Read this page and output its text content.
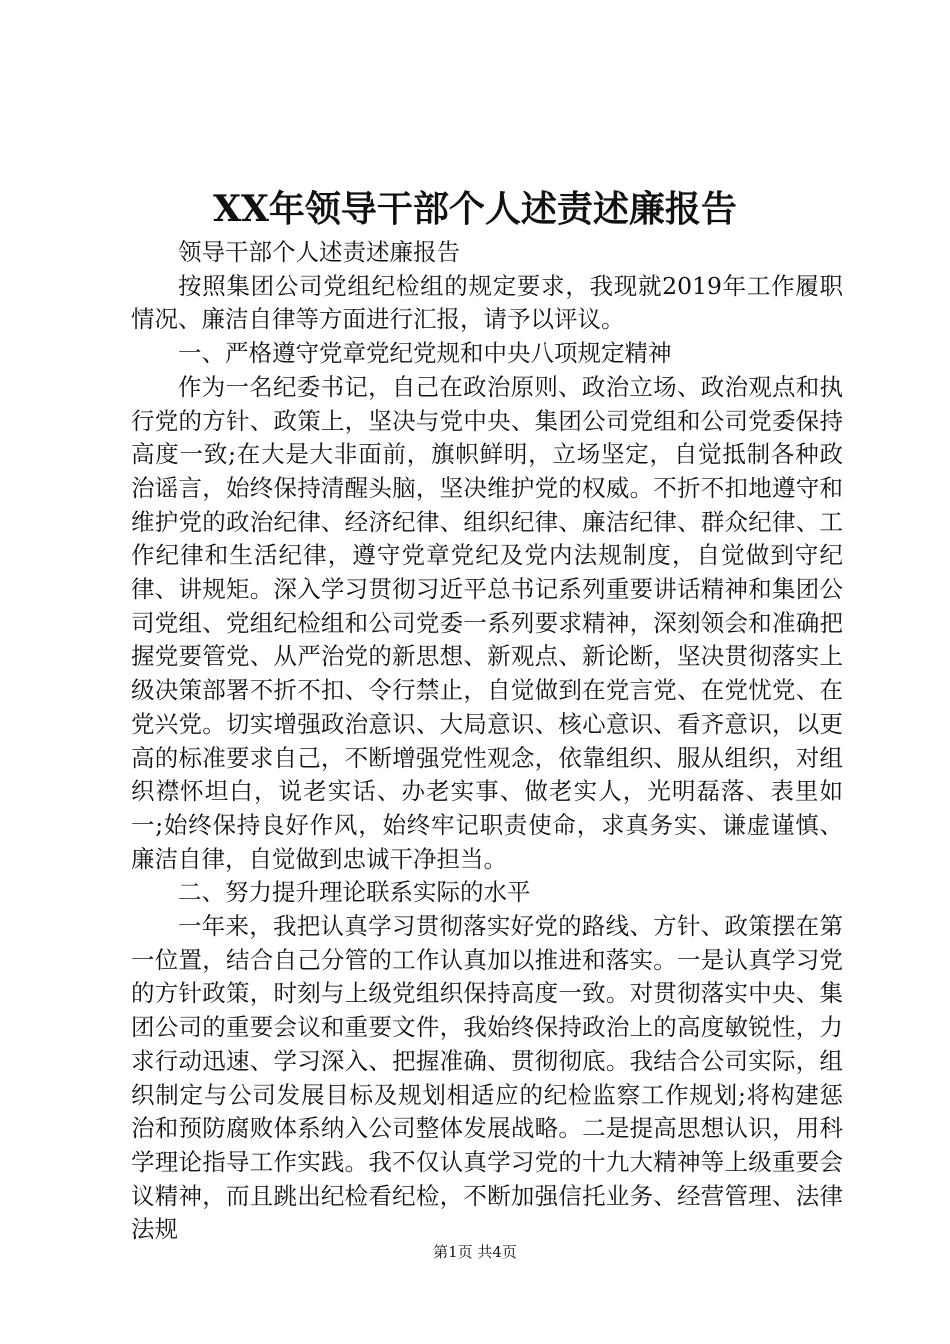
XX年领导干部个人述责述廉报告

领导干部个人述责述廉报告

按照集团公司党组纪检组的规定要求，我现就2019年工作履职情况、廉洁自律等方面进行汇报，请予以评议。

一、严格遵守党章党纪党规和中央八项规定精神

作为一名纪委书记，自己在政治原则、政治立场、政治观点和执行党的方针、政策上，坚决与党中央、集团公司党组和公司党委保持高度一致;在大是大非面前，旗帜鲜明，立场坚定，自觉抵制各种政治谣言，始终保持清醒头脑，坚决维护党的权威。不折不扣地遵守和维护党的政治纪律、经济纪律、组织纪律、廉洁纪律、群众纪律、工作纪律和生活纪律，遵守党章党纪及党内法规制度，自觉做到守纪律、讲规矩。深入学习贯彻习近平总书记系列重要讲话精神和集团公司党组、党组纪检组和公司党委一系列要求精神，深刻领会和准确把握党要管党、从严治党的新思想、新观点、新论断，坚决贯彻落实上级决策部署不折不扣、令行禁止，自觉做到在党言党、在党忧党、在党兴党。切实增强政治意识、大局意识、核心意识、看齐意识，以更高的标准要求自己，不断增强党性观念，依靠组织、服从组织，对组织襟怀坦白，说老实话、办老实事、做老实人，光明磊落、表里如一;始终保持良好作风，始终牢记职责使命，求真务实、谦虚谨慎、廉洁自律，自觉做到忠诚干净担当。

二、努力提升理论联系实际的水平

一年来，我把认真学习贯彻落实好党的路线、方针、政策摆在第一位置，结合自己分管的工作认真加以推进和落实。一是认真学习党的方针政策，时刻与上级党组织保持高度一致。对贯彻落实中央、集团公司的重要会议和重要文件，我始终保持政治上的高度敏锐性，力求行动迅速、学习深入、把握准确、贯彻彻底。我结合公司实际，组织制定与公司发展目标及规划相适应的纪检监察工作规划;将构建惩治和预防腐败体系纳入公司整体发展战略。二是提高思想认识，用科学理论指导工作实践。我不仅认真学习党的十九大精神等上级重要会议精神，而且跳出纪检看纪检，不断加强信托业务、经营管理、法律法规

第1页 共4页
